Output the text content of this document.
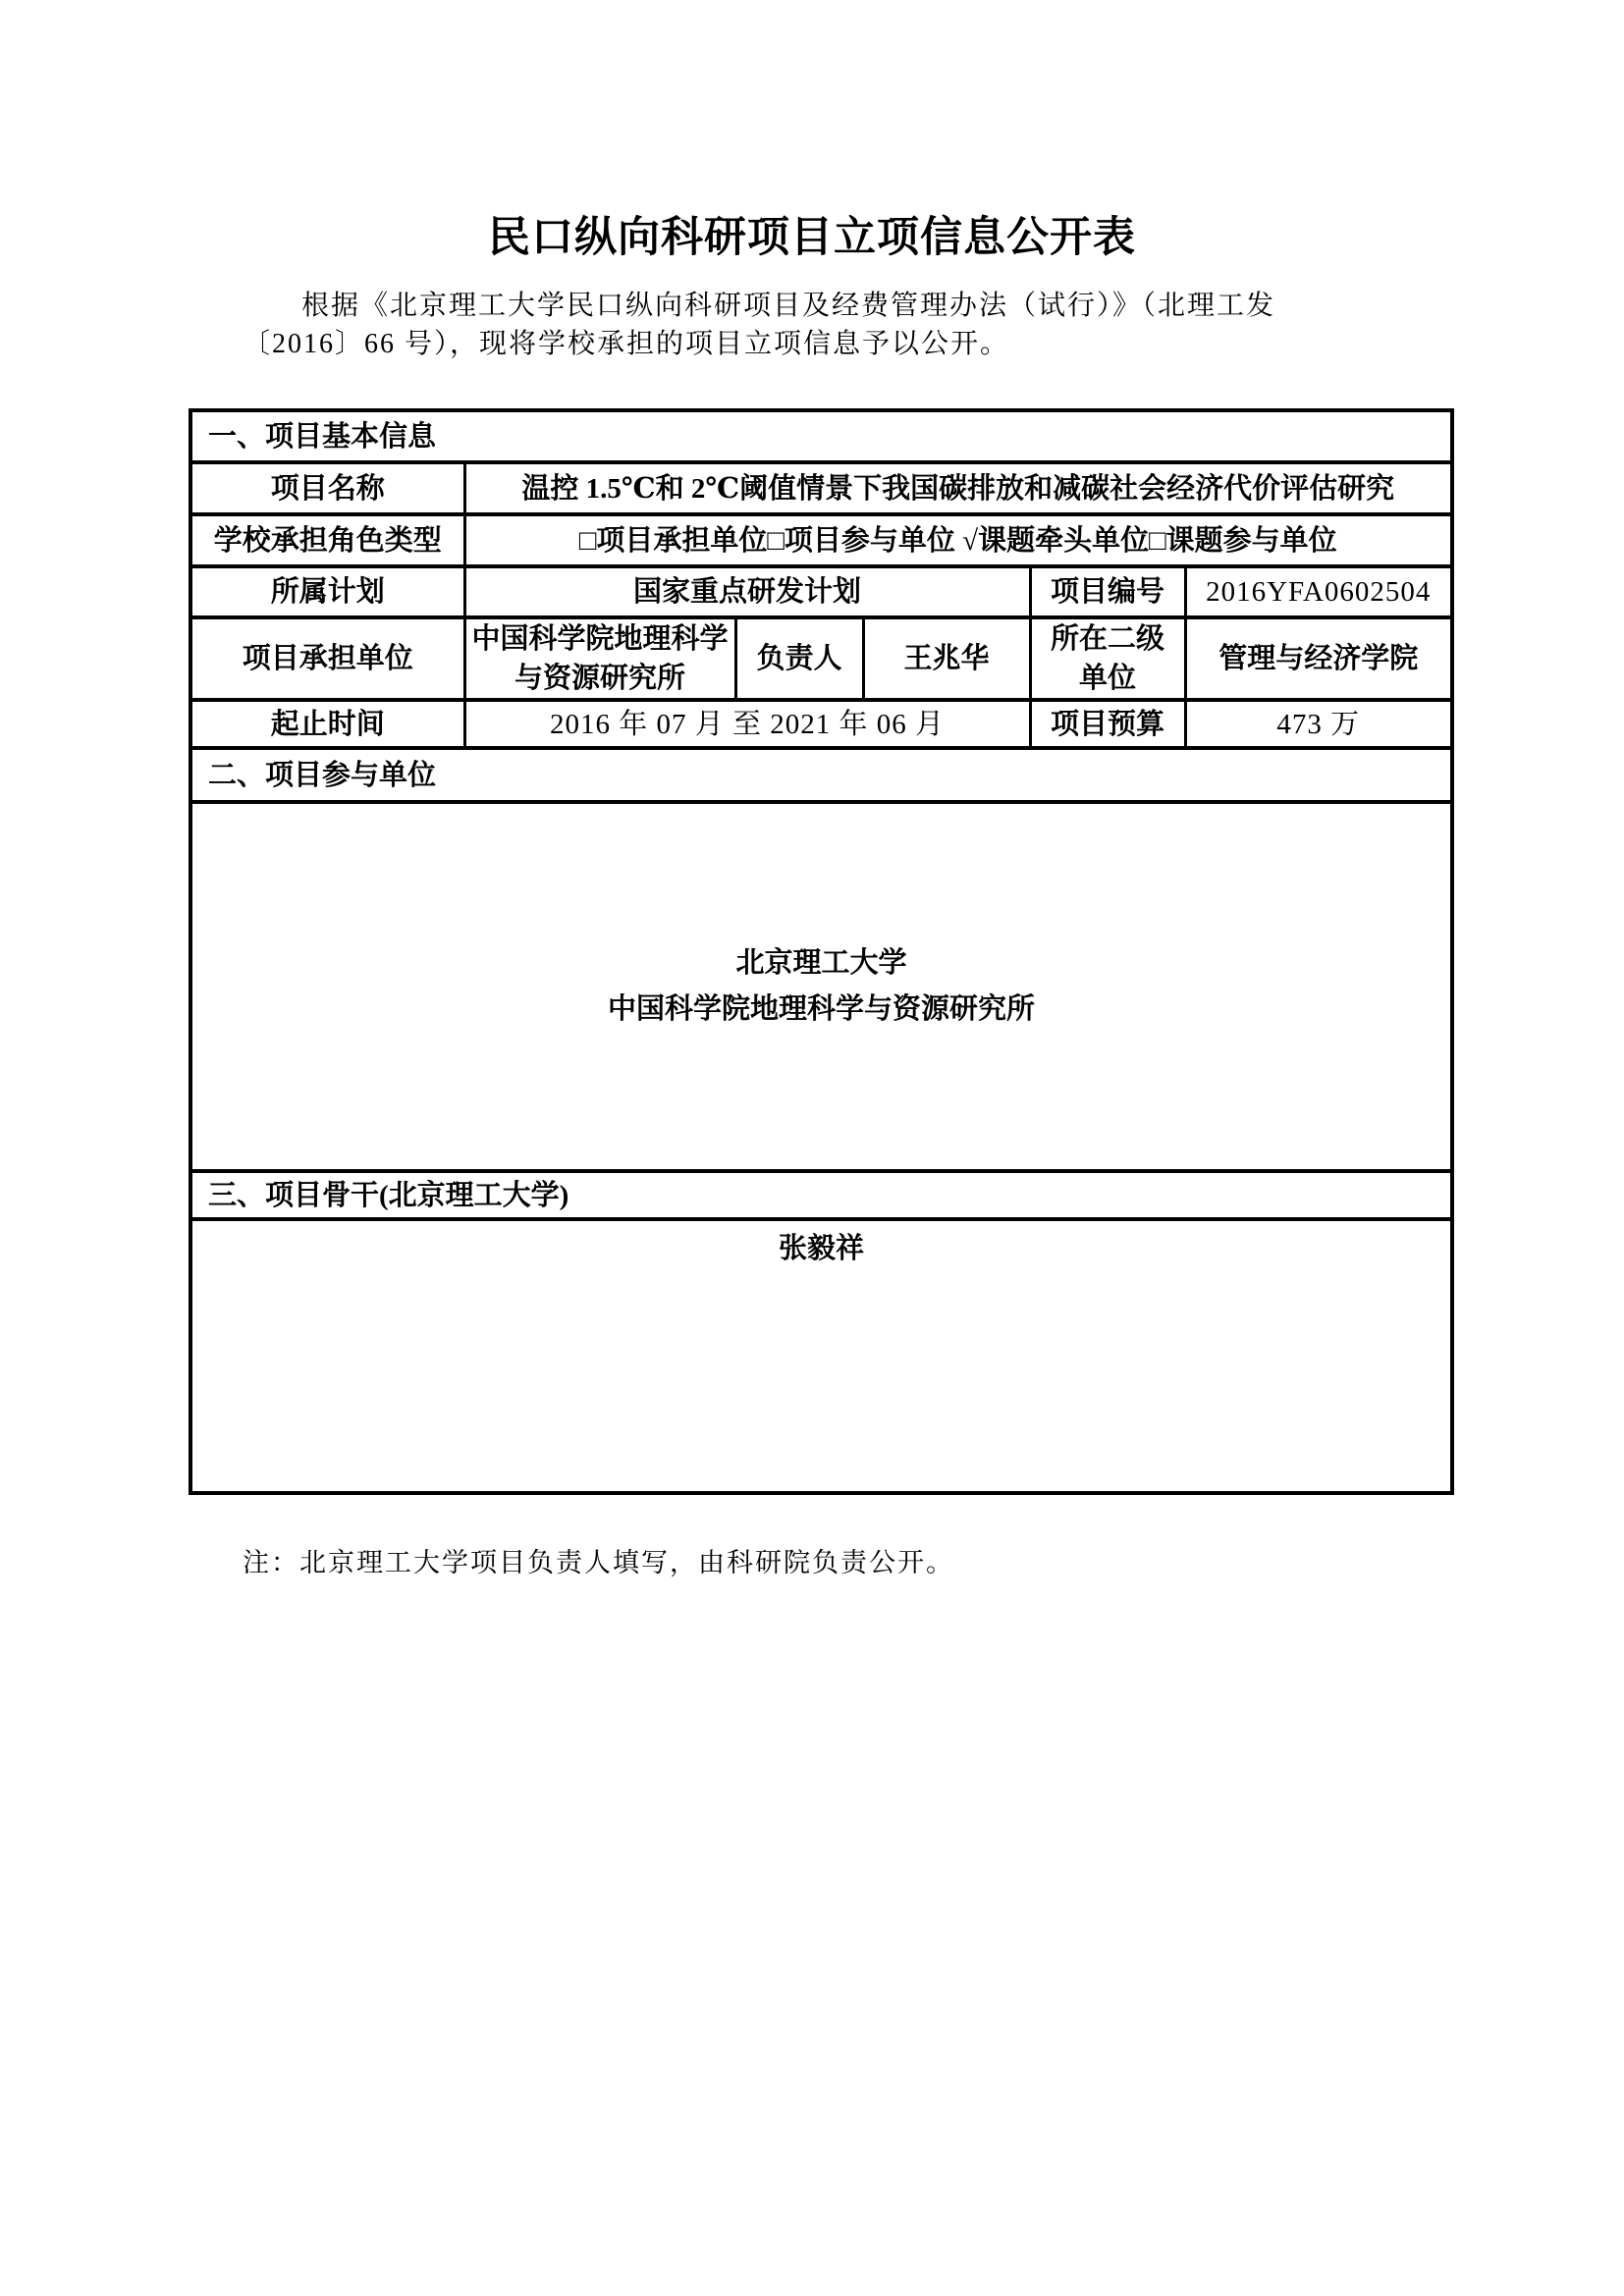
民口纵向科研项目立项信息公开表
根据《北京理工大学民口纵向科研项目及经费管理办法（试行）》（北理工发
〔2016〕66 号），现将学校承担的项目立项信息予以公开。
一、项目基本信息					
项目名称	温控 1.5℃和 2℃阈值情景下我国碳排放和减碳社会经济代价评估研究				
学校承担角色类型	□项目承担单位□项目参与单位 √课题牵头单位□课题参与单位				
所属计划	国家重点研发计划			项目编号	2016YFA0602504
项目承担单位	中国科学院地理科学与资源研究所	负责人	王兆华	所在二级单位	管理与经济学院
起止时间	2016 年 07 月 至 2021 年 06 月			项目预算	473 万
二、项目参与单位					

北京理工大学
中国科学院地理科学与资源研究所					

三、项目骨干(北京理工大学)					

张毅祥					
注：北京理工大学项目负责人填写，由科研院负责公开。
